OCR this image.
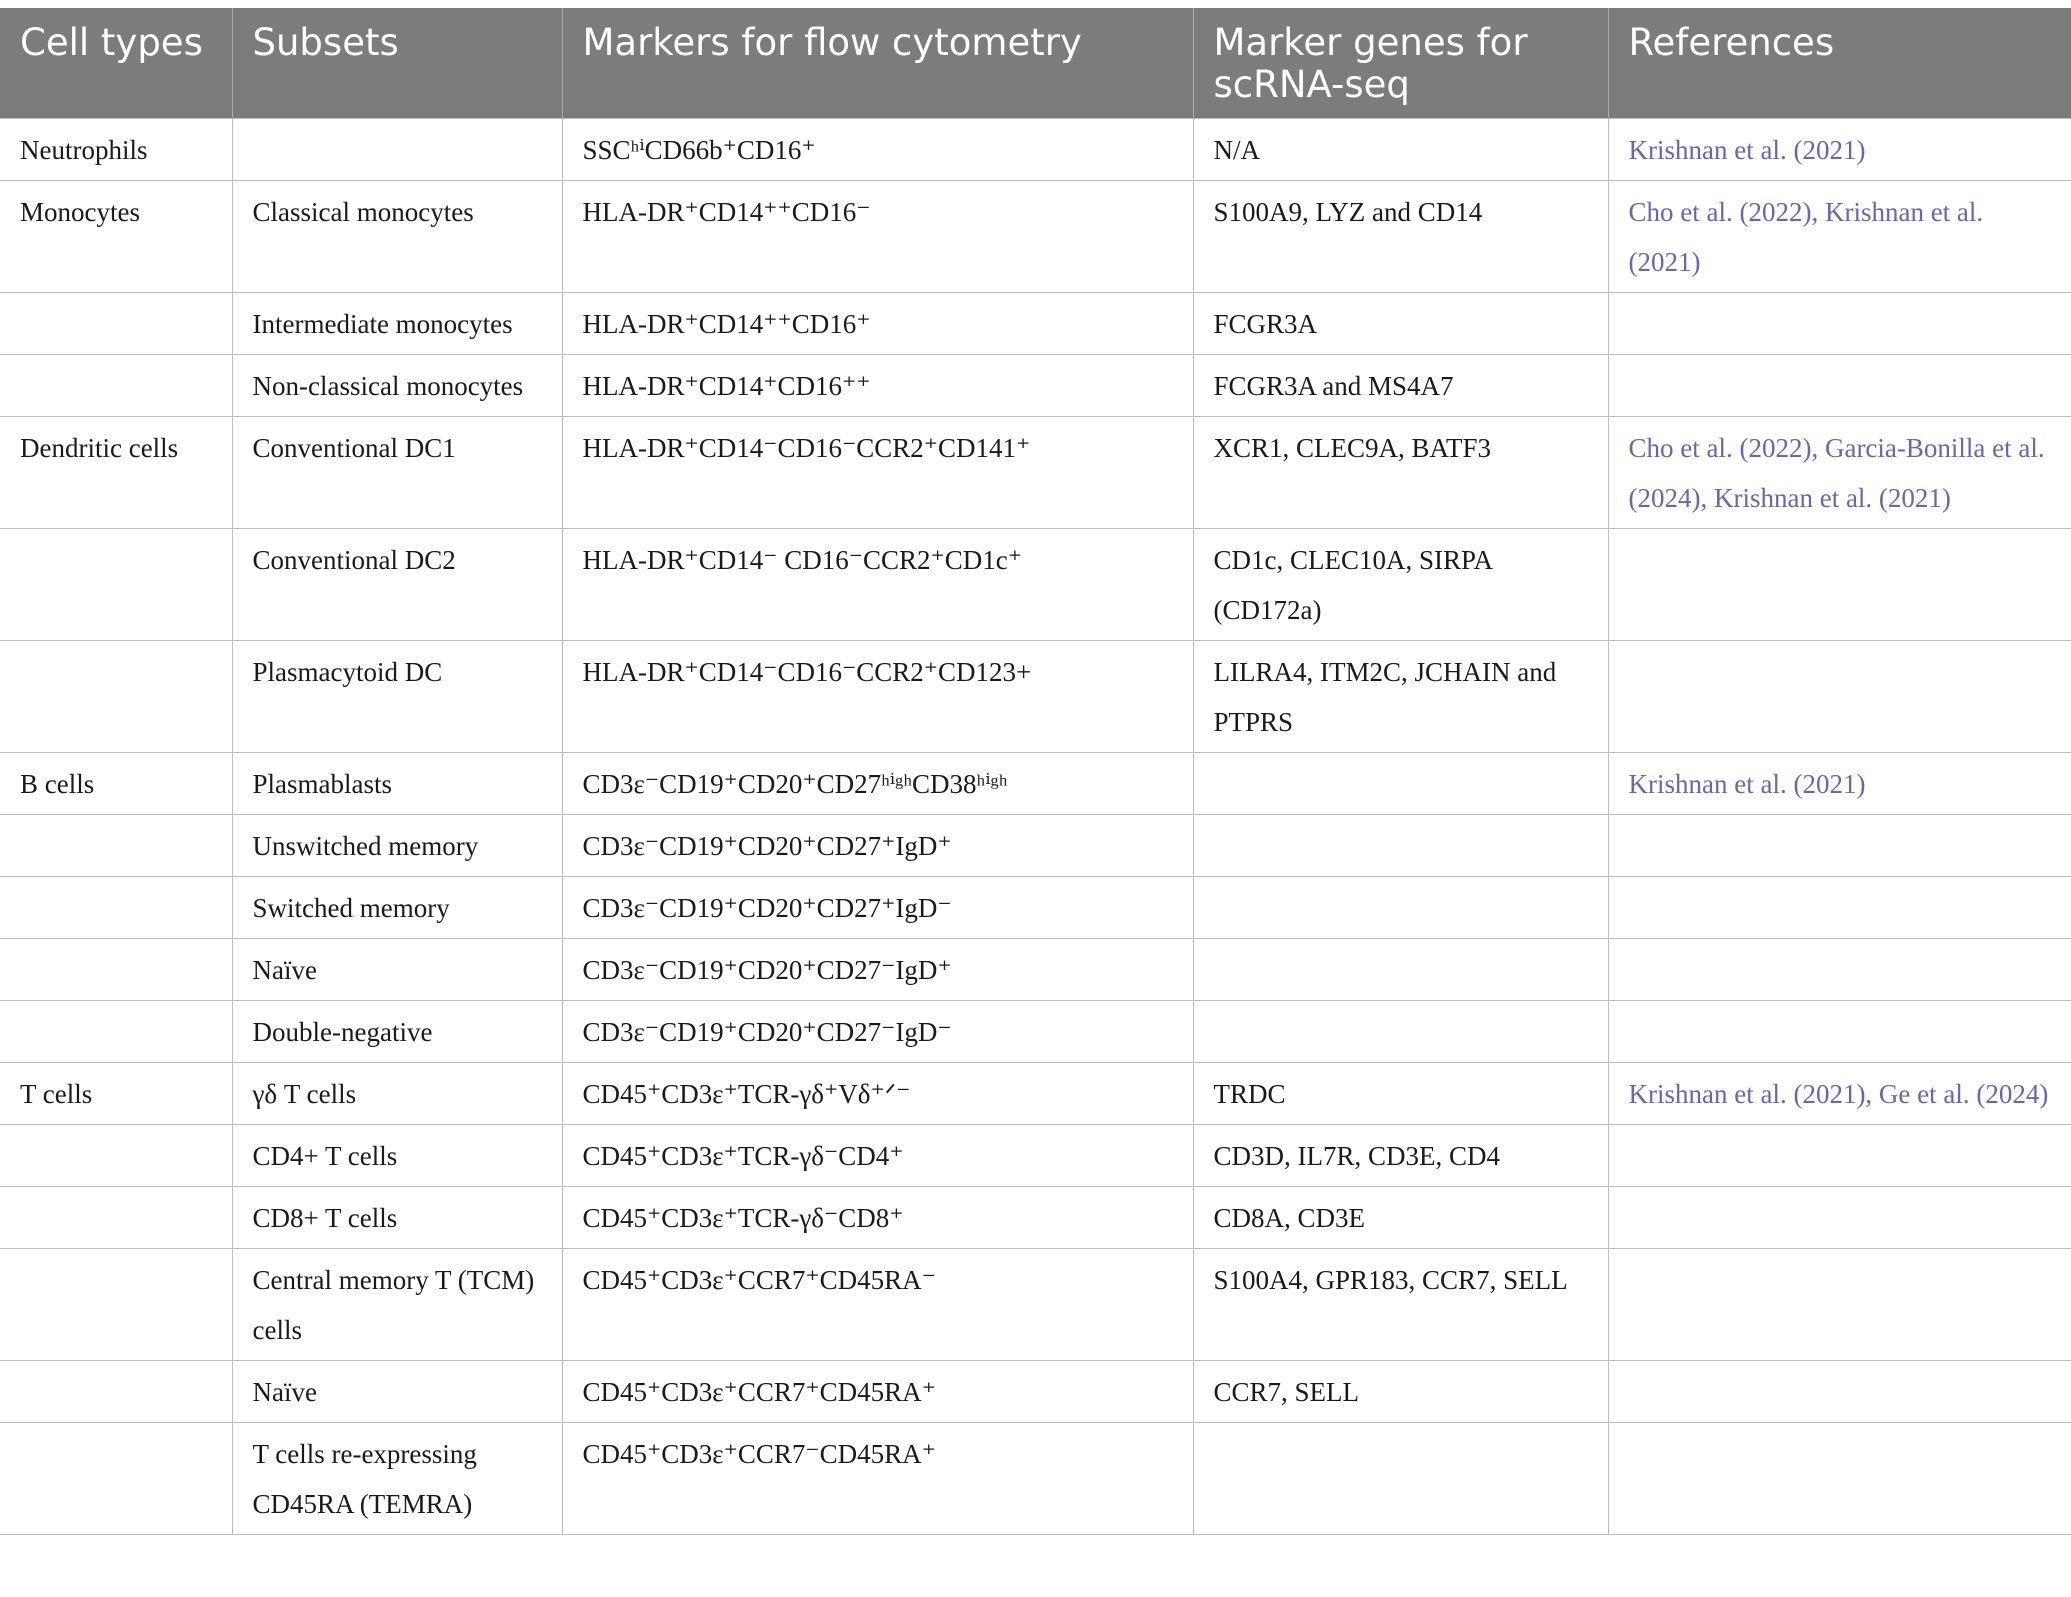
Cell types	Subsets	Markers for flow cytometry	Marker genes for scRNA-seq	References
Neutrophils		SSCʰⁱCD66b⁺CD16⁺	N/A	Krishnan et al. (2021)
Monocytes	Classical monocytes	HLA-DR⁺CD14⁺⁺CD16⁻	S100A9, LYZ and CD14	Cho et al. (2022), Krishnan et al. (2021)
	Intermediate monocytes	HLA-DR⁺CD14⁺⁺CD16⁺	FCGR3A	
	Non-classical monocytes	HLA-DR⁺CD14⁺CD16⁺⁺	FCGR3A and MS4A7	
Dendritic cells	Conventional DC1	HLA-DR⁺CD14⁻CD16⁻CCR2⁺CD141⁺	XCR1, CLEC9A, BATF3	Cho et al. (2022), Garcia-Bonilla et al. (2024), Krishnan et al. (2021)
	Conventional DC2	HLA-DR⁺CD14⁻ CD16⁻CCR2⁺CD1c⁺	CD1c, CLEC10A, SIRPA (CD172a)	
	Plasmacytoid DC	HLA-DR⁺CD14⁻CD16⁻CCR2⁺CD123+	LILRA4, ITM2C, JCHAIN and PTPRS	
B cells	Plasmablasts	CD3ε⁻CD19⁺CD20⁺CD27ʰⁱᵍʰCD38ʰⁱᵍʰ		Krishnan et al. (2021)
	Unswitched memory	CD3ε⁻CD19⁺CD20⁺CD27⁺IgD⁺		
	Switched memory	CD3ε⁻CD19⁺CD20⁺CD27⁺IgD⁻		
	Naïve	CD3ε⁻CD19⁺CD20⁺CD27⁻IgD⁺		
	Double-negative	CD3ε⁻CD19⁺CD20⁺CD27⁻IgD⁻		
T cells	γδ T cells	CD45⁺CD3ε⁺TCR-γδ⁺Vδ⁺ᐟ⁻	TRDC	Krishnan et al. (2021), Ge et al. (2024)
	CD4+ T cells	CD45⁺CD3ε⁺TCR-γδ⁻CD4⁺	CD3D, IL7R, CD3E, CD4	
	CD8+ T cells	CD45⁺CD3ε⁺TCR-γδ⁻CD8⁺	CD8A, CD3E	
	Central memory T (TCM) cells	CD45⁺CD3ε⁺CCR7⁺CD45RA⁻	S100A4, GPR183, CCR7, SELL	
	Naïve	CD45⁺CD3ε⁺CCR7⁺CD45RA⁺	CCR7, SELL	
	T cells re-expressing CD45RA (TEMRA)	CD45⁺CD3ε⁺CCR7⁻CD45RA⁺		
